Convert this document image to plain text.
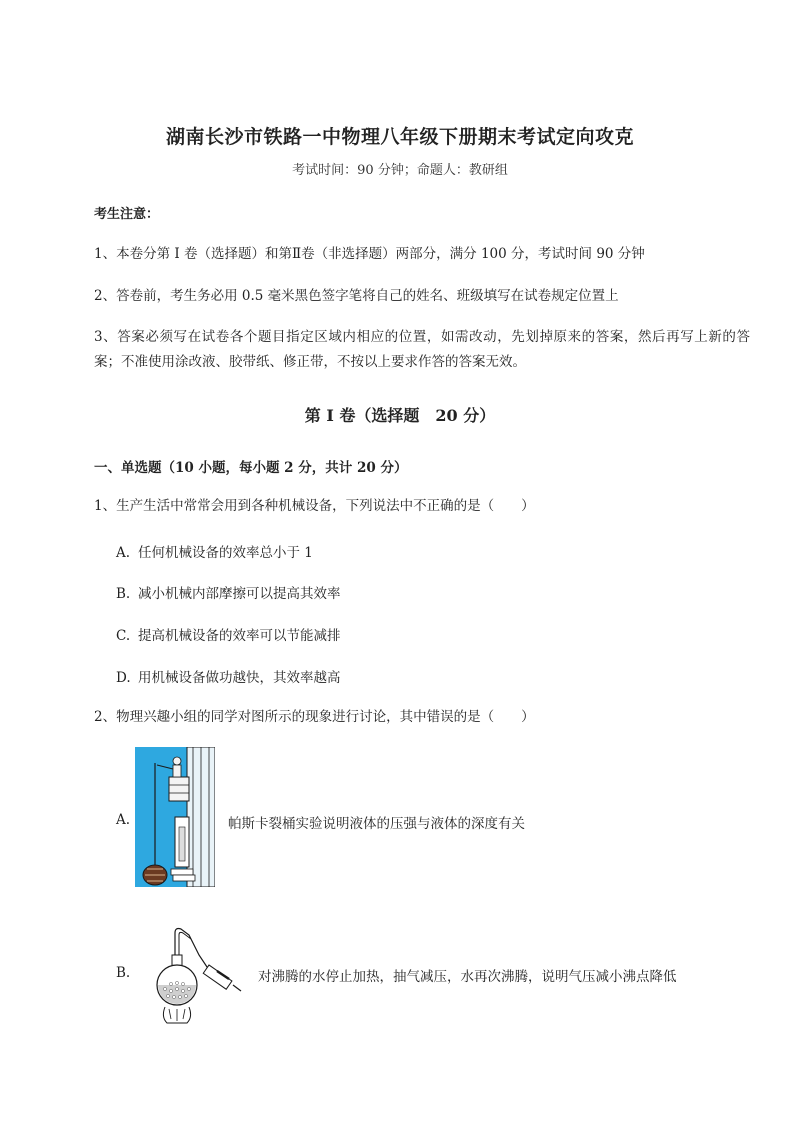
湖南长沙市铁路一中物理八年级下册期末考试定向攻克
考试时间：90 分钟；命题人：教研组
考生注意：
1、本卷分第 I 卷（选择题）和第Ⅱ卷（非选择题）两部分，满分 100 分，考试时间 90 分钟
2、答卷前，考生务必用 0.5 毫米黑色签字笔将自己的姓名、班级填写在试卷规定位置上
3、答案必须写在试卷各个题目指定区域内相应的位置，如需改动，先划掉原来的答案，然后再写上新的答案；不准使用涂改液、胶带纸、修正带，不按以上要求作答的答案无效。
第 I 卷（选择题　20 分）
一、单选题（10 小题，每小题 2 分，共计 20 分）
1、生产生活中常常会用到各种机械设备，下列说法中不正确的是（　　）
A. 任何机械设备的效率总小于 1
B. 减小机械内部摩擦可以提高其效率
C. 提高机械设备的效率可以节能减排
D. 用机械设备做功越快，其效率越高
2、物理兴趣小组的同学对图所示的现象进行讨论，其中错误的是（　　）
A.	帕斯卡裂桶实验说明液体的压强与液体的深度有关
B.	对沸腾的水停止加热，抽气减压，水再次沸腾，说明气压减小沸点降低
